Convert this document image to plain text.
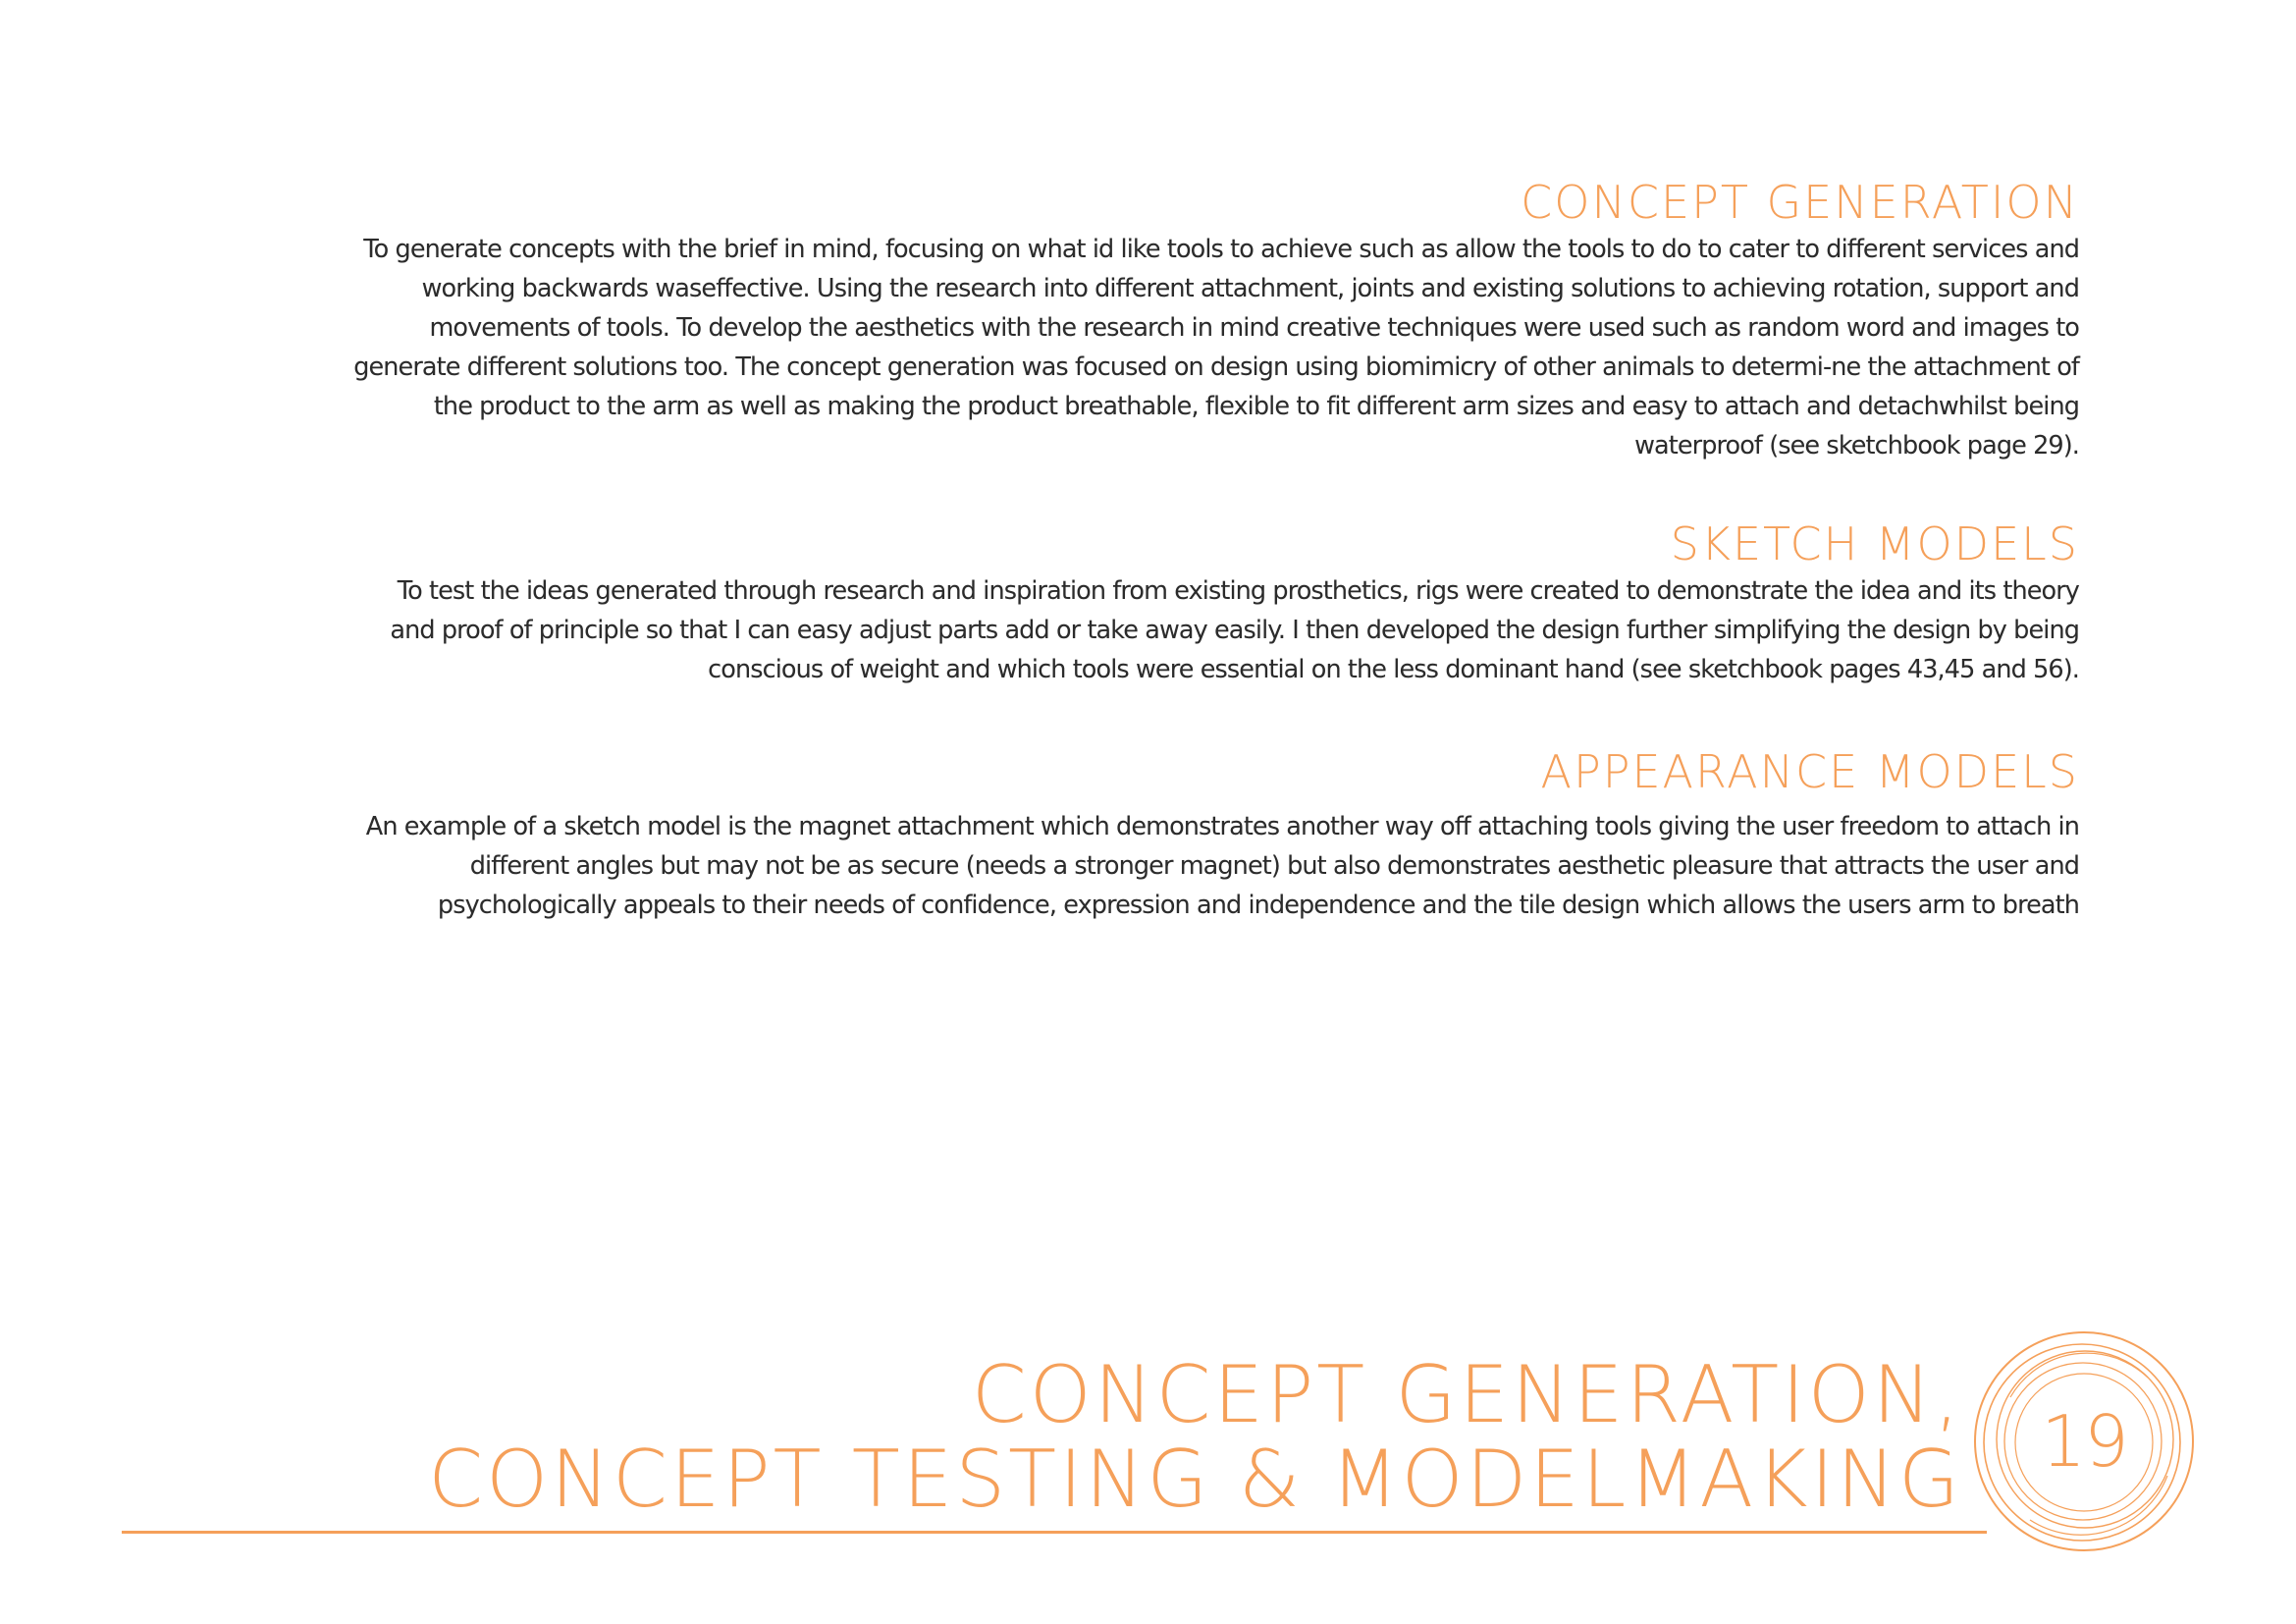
CONCEPT GENERATION

To generate concepts with the brief in mind, focusing on what id like tools to achieve such as allow the tools to do to cater to different services and working backwards waseffective. Using the research into different attachment, joints and existing solutions to achieving rotation, support and movements of tools. To develop the aesthetics with the research in mind creative techniques were used such as random word and images to generate different solutions too. The concept generation was focused on design using biomimicry of other animals to determi-ne the attachment of the product to the arm as well as making the product breathable, flexible to fit different arm sizes and easy to attach and detachwhilst being waterproof (see sketchbook page 29).

SKETCH MODELS

To test the ideas generated through research and inspiration from existing prosthetics, rigs were created to demonstrate the idea and its theory and proof of principle so that I can easy adjust parts add or take away easily. I then developed the design further simplifying the design by being conscious of weight and which tools were essential on the less dominant hand (see sketchbook pages 43,45 and 56).

APPEARANCE MODELS

An example of a sketch model is the magnet attachment which demonstrates another way off attaching tools giving the user freedom to attach in different angles but may not be as secure (needs a stronger magnet) but also demonstrates aesthetic pleasure that attracts the user and psychologically appeals to their needs of confidence, expression and independence and the tile design which allows the users arm to breath

CONCEPT GENERATION,
CONCEPT TESTING & MODELMAKING	19
